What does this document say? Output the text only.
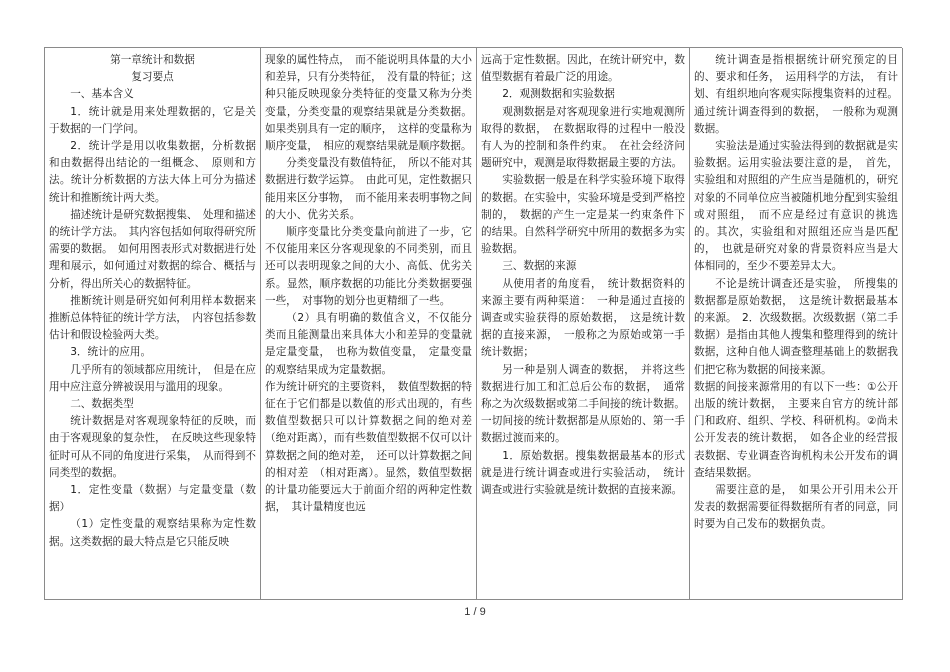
第一章统计和数据

复习要点

一、基本含义

1．统计就是用来处理数据的，它是关于数据的一门学问。

2．统计学是用以收集数据，分析数据和由数据得出结论的一组概念、　原则和方法。统计分析数据的方法大体上可分为描述统计和推断统计两大类。

描述统计是研究数据搜集、　处理和描述的统计学方法。　其内容包括如何取得研究所需要的数据。　如何用图表形式对数据进行处理和展示，如何通过对数据的综合、概括与分析，得出所关心的数据特征。

推断统计则是研究如何利用样本数据来推断总体特征的统计学方法，　内容包括参数估计和假设检验两大类。

3．统计的应用。

几乎所有的领域都应用统计，　但是在应用中应注意分辨被误用与滥用的现象。

二、数据类型

统计数据是对客观现象特征的反映，而由于客观现象的复杂性，　在反映这些现象特征时可从不同的角度进行采集，　从而得到不同类型的数据。

1．定性变量（数据）与定量变量（数据）

（1）定性变量的观察结果称为定性数据。这类数据的最大特点是它只能反映

现象的属性特点，　而不能说明具体量的大小和差异，只有分类特征，　没有量的特征；这种只能反映现象分类特征的变量又称为分类变量，分类变量的观察结果就是分类数据。如果类别具有一定的顺序，　这样的变量称为顺序变量，　相应的观察结果就是顺序数据。

分类变量没有数值特征，　所以不能对其数据进行数学运算。　由此可见，定性数据只能用来区分事物，　而不能用来表明事物之间的大小、优劣关系。

顺序变量比分类变量向前进了一步，它不仅能用来区分客观现象的不同类别，而且还可以表明现象之间的大小、高低、优劣关系。显然，顺序数据的功能比分类数据要强一些，　对事物的划分也更精细了一些。

（2）具有明确的数值含义，不仅能分类而且能测量出来具体大小和差异的变量就是定量变量，　也称为数值变量，　定量变量的观察结果成为定量数据。

作为统计研究的主要资料，　数值型数据的特征在于它们都是以数值的形式出现的，有些数值型数据只可以计算数据之间的绝对差（绝对距离），而有些数值型数据不仅可以计算数据之间的绝对差，　还可以计算数据之间的相对差　（相对距离）。显然，数值型数据的计量功能要远大于前面介绍的两种定性数据，　其计量精度也远

远高于定性数据。因此，在统计研究中，数值型数据有着最广泛的用途。

2．观测数据和实验数据

观测数据是对客观现象进行实地观测所取得的数据，　在数据取得的过程中一般没有人为的控制和条件约束。　在社会经济问题研究中，观测是取得数据最主要的方法。

实验数据一般是在科学实验环境下取得的数据。在实验中，实验环境是受到严格控制的，　数据的产生一定是某一约束条件下的结果。自然科学研究中所用的数据多为实验数据。

三、数据的来源

从使用者的角度看，　统计数据资料的来源主要有两种渠道：　一种是通过直接的调查或实验获得的原始数据，　这是统计数据的直接来源，　一般称之为原始或第一手统计数据；

另一种是别人调查的数据，　并将这些数据进行加工和汇总后公布的数据，　通常称之为次级数据或第二手间接的统计数据。一切间接的统计数据都是从原始的、第一手数据过渡而来的。

1．原始数据。搜集数据最基本的形式就是进行统计调查或进行实验活动，　统计调查或进行实验就是统计数据的直接来源。

统计调查是指根据统计研究预定的目的、要求和任务，　运用科学的方法，　有计划、有组织地向客观实际搜集资料的过程。通过统计调查得到的数据，　一般称为观测数据。

实验法是通过实验法得到的数据就是实验数据。运用实验法要注意的是，　首先，实验组和对照组的产生应当是随机的，研究对象的不同单位应当被随机地分配到实验组或对照组，　而不应是经过有意识的挑选的。其次，实验组和对照组还应当是匹配的，　也就是研究对象的背景资料应当是大体相同的，至少不要差异太大。

不论是统计调查还是实验，　所搜集的数据都是原始数据，　这是统计数据最基本的来源。　2．次级数据。次级数据（第二手数据）是指由其他人搜集和整理得到的统计数据，这种自他人调查整理基础上的数据我们把它称为数据的间接来源。

数据的间接来源常用的有以下一些：①公开出版的统计数据，　主要来自官方的统计部门和政府、组织、学校、科研机构。②尚未公开发表的统计数据，　如各企业的经营报表数据、专业调查咨询机构未公开发布的调查结果数据。

需要注意的是，　如果公开引用未公开发表的数据需要征得数据所有者的同意，同时要为自己发布的数据负责。

1 / 9
